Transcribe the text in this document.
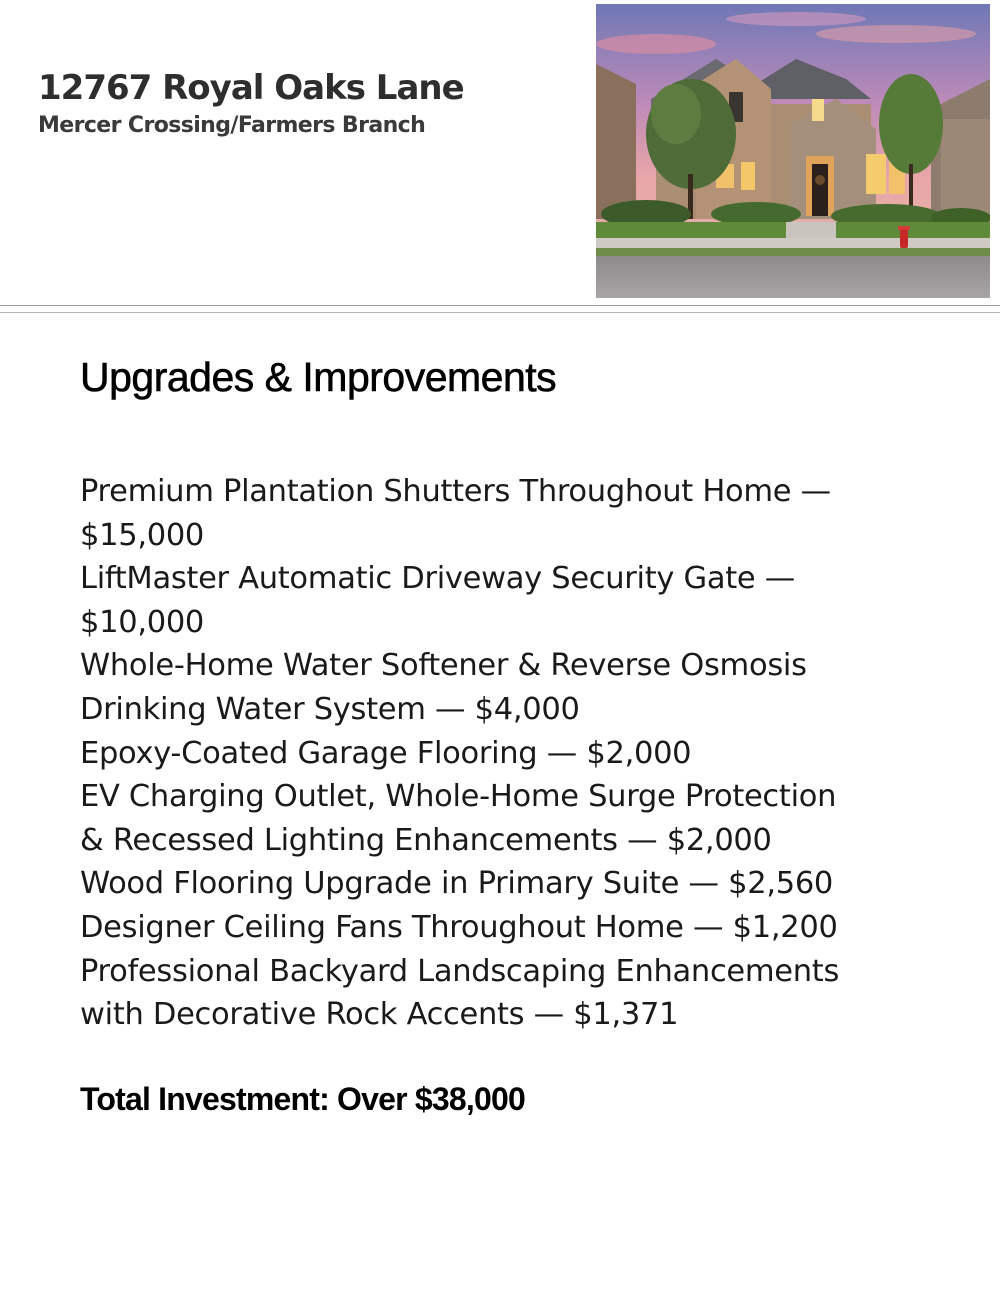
12767 Royal Oaks Lane
Mercer Crossing/Farmers Branch
Upgrades & Improvements
Premium Plantation Shutters Throughout Home —
$15,000
LiftMaster Automatic Driveway Security Gate —
$10,000
Whole-Home Water Softener & Reverse Osmosis
Drinking Water System — $4,000
Epoxy-Coated Garage Flooring — $2,000
EV Charging Outlet, Whole-Home Surge Protection
& Recessed Lighting Enhancements — $2,000
Wood Flooring Upgrade in Primary Suite — $2,560
Designer Ceiling Fans Throughout Home — $1,200
Professional Backyard Landscaping Enhancements
with Decorative Rock Accents — $1,371
Total Investment: Over $38,000
